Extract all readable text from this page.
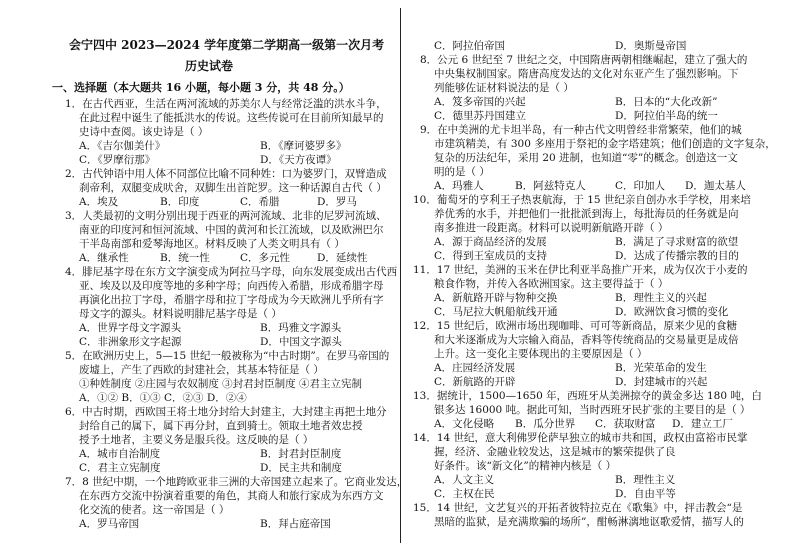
会宁四中 2023—2024 学年度第二学期高一级第一次月考
历史试卷
一、选择题（本大题共 16 小题，每小题 3 分，共 48 分。）
1．在古代西亚，生活在两河流域的苏美尔人与经常泛滥的洪水斗争，
在此过程中诞生了能抵洪水的传说。这些传说可在目前所知最早的
史诗中查阅。该史诗是（ ）
A．《吉尔伽美什》	B．《摩诃婆罗多》
C．《罗摩衍那》	D．《天方夜谭》
2．古代钟语中用人体不同部位比喻不同种姓：口为婆罗门，双臂造成
刹帝利，双腿变成吠舍，双脚生出首陀罗。这一种话源自古代（ ）
A．埃及	B．印度	C．希腊	D．罗马
3．人类最初的文明分别出现于西亚的两河流域、北非的尼罗河流域、
南亚的印度河和恒河流域、中国的黄河和长江流域，以及欧洲巴尔
干半岛南部和爱琴海地区。材料反映了人类文明具有（ ）
A．继承性	B．统一性	C．多元性	D．延续性
4．腓尼基字母在东方文字演变成为阿拉马字母，向东发展变成出古代西
亚、埃及以及印度等地的多种字母；向西传入希腊，形成希腊字母
再演化出拉丁字母，希腊字母和拉丁字母成为今天欧洲儿乎所有字
母文字的源头。材料说明腓尼基字母是（ ）
A．世界字母文字源头	B．玛雅文字源头
C．非洲象形文字起源	D．中国文字源头
5．在欧洲历史上，5—15 世纪一般被称为“中古时期”。在罗马帝国的
废墟上，产生了西欧的封建社会，其基本特征是（ ）
①种姓制度 ②庄园与农奴制度 ③封君封臣制度 ④君主立宪制
A．①② B．①③ C．②③ D．②④
6．中古时期，西欧国王将土地分封给大封建主，大封建主再把土地分
封给自己的属下，属下再分封，直到骑士。领取土地者效忠授
授予土地者，主要义务是服兵役。这反映的是（ ）
A．城市自治制度	B．封君封臣制度
C．君主立宪制度	D．民主共和制度
7．8 世纪中期，一个地跨欧亚非三洲的大帝国建立起来了。它商业发达，
在东西方交流中扮演着重要的角色，其商人和旅行家成为东西方文
化交流的使者。这一帝国是（ ）
A．罗马帝国	B．拜占庭帝国
C．阿拉伯帝国	D．奥斯曼帝国
8．公元 6 世纪至 7 世纪之交，中国隋唐两朝相继崛起，建立了强大的
中央集权制国家。隋唐高度发达的文化对东亚产生了强烈影响。下
列能够佐证材料说法的是（ ）
A．笈多帝国的兴起	B．日本的“大化改新”
C．德里苏丹国建立	D．阿拉伯半岛的统一
9．在中美洲的尤卡坦半岛，有一种古代文明曾经非常繁荣，他们的城
市建筑精美，有 300 多座用于祭祀的金字塔建筑；他们创造的文字复杂，
复杂的历法纪年，采用 20 进制，也知道“零”的概念。创造这一文
明的是（ ）
A．玛雅人	B．阿兹特克人	C．印加人 D．迦太基人
10．葡萄牙的亨利王子热衷航海，于 15 世纪亲自创办水手学校，用来培
养优秀的水手，并把他们一批批派到海上，每批海员的任务就是向
南多推进一段距离。材料可以说明新航路开辟（ ）
A．源于商品经济的发展	B．满足了寻求财富的欲望
C．得到王室成员的支持	D．达成了传播宗教的目的
11．17 世纪，美洲的玉米在伊比利亚半岛推广开来，成为仅次于小麦的
粮食作物，并传入各欧洲国家。这主要得益于（ ）
A．新航路开辟与物种交换	B．理性主义的兴起
C．马尼拉大帆船航线开通	D．欧洲饮食习惯的变化
12．15 世纪后，欧洲市场出现咖啡、可可等新商品，原来少见的食糖
和大米逐渐成为大宗输入商品，香料等传统商品的交易量更是成倍
上升。这一变化主要体现出的主要原因是（ ）
A．庄园经济发展	B．光荣革命的发生
C．新航路的开辟	D．封建城市的兴起
13．据统计，1500—1650 年，西班牙从美洲掠夺的黄金多达 180 吨，白
银多达 16000 吨。据此可知，当时西班牙民扩张的主要目的是（ ）
A．文化侵略 B．瓜分世界 C．获取财富 D．建立工厂
14．14 世纪，意大利佛罗伦萨早独立的城市共和国，政权由富裕市民掌
握，经济、金融业较发达，这是城市的繁荣提供了良
好条件。该“新文化”的精神内核是（ ）
A．人文主义	B．理性主义
C．主权在民	D．自由平等
15．14 世纪，文艺复兴的开拓者彼特拉克在《歌集》中，抨击教会“是
黑暗的监狱，是充满欺骗的场所”，酣畅淋漓地讴歌爱情，描写人的
